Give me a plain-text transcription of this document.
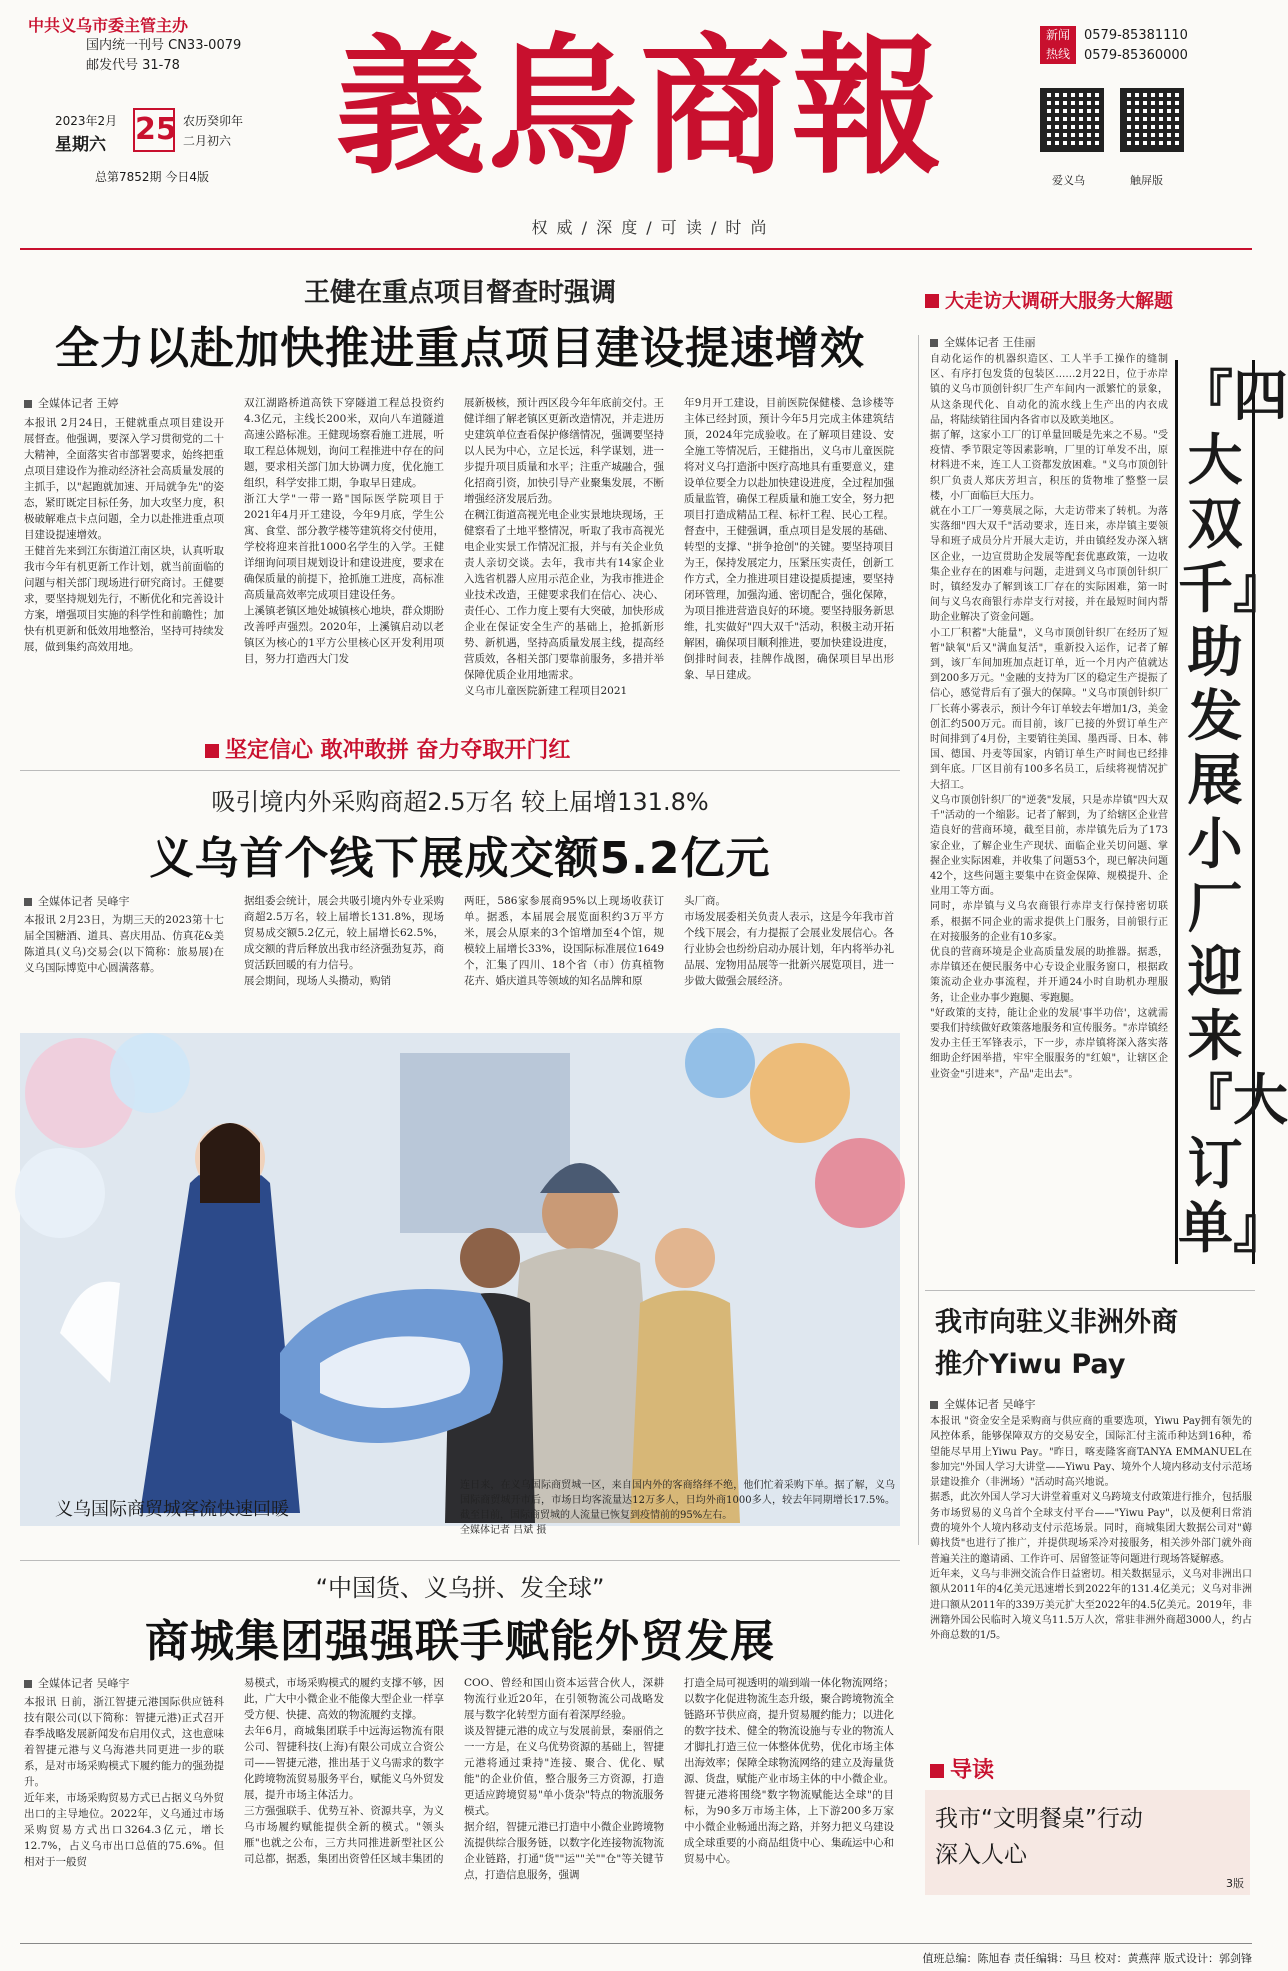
中共义乌市委主管主办
国内统一刊号 CN33-0079
邮发代号 31-78
2023年2月
星期六 25 农历癸卯年
二月初六
总第7852期 今日4版 義烏商報
权 威 / 深 度 / 可 读 / 时 尚
新闻
热线
0579-85381110
0579-85360000
爱义乌	触屏版
王健在重点项目督查时强调
全力以赴加快推进重点项目建设提速增效
全媒体记者 王婷
本报讯 2月24日，王健就重点项目建设开展督查。他强调，要深入学习贯彻党的二十大精神，全面落实省市部署要求，始终把重点项目建设作为推动经济社会高质量发展的主抓手，以"起跑就加速、开局就争先"的姿态，紧盯既定目标任务，加大攻坚力度，积极破解难点卡点问题，全力以赴推进重点项目建设提速增效。
王健首先来到江东街道江南区块，认真听取我市今年有机更新工作计划，就当前面临的问题与相关部门现场进行研究商讨。王健要求，要坚持规划先行，不断优化和完善设计方案，增强项目实施的科学性和前瞻性；加快有机更新和低效用地整治，坚持可持续发展，做到集约高效用地。
双江湖路桥道高铁下穿隧道工程总投资约4.3亿元，主线长200米，双向八车道隧道高速公路标准。王健现场察看施工进展，听取工程总体规划，询问工程推进中存在的问题，要求相关部门加大协调力度，优化施工组织，科学安排工期，争取早日建成。
浙江大学"一带一路"国际医学院项目于2021年4月开工建设，今年9月底，学生公寓、食堂、部分教学楼等建筑将交付使用，学校将迎来首批1000名学生的入学。王健详细询问项目规划设计和建设进度，要求在确保质量的前提下，抢抓施工进度，高标准高质量高效率完成项目建设任务。
上溪镇老镇区地处城镇核心地块，群众期盼改善呼声强烈。2020年，上溪镇启动以老镇区为核心的1平方公里核心区开发利用项目，努力打造西大门发
展新极核，预计西区段今年年底前交付。王健详细了解老镇区更新改造情况，并走进历史建筑单位查看保护修缮情况，强调要坚持以人民为中心，立足长远，科学谋划，进一步提升项目质量和水平；注重产城融合，强化招商引资，加快引导产业聚集发展，不断增强经济发展后劲。
在稠江街道高视光电企业实景地块现场，王健察看了土地平整情况，听取了我市高视光电企业实景工作情况汇报，并与有关企业负责人亲切交谈。去年，我市共有14家企业入选省机器人应用示范企业，为我市推进企业技术改造，王健要求我们在信心、决心、责任心、工作力度上要有大突破，加快形成企业在保证安全生产的基础上，抢抓新形势、新机遇，坚持高质量发展主线，提高经营质效，各相关部门要靠前服务，多措并举保障优质企业用地需求。
义乌市儿童医院新建工程项目2021
年9月开工建设，目前医院保健楼、急诊楼等主体已经封顶，预计今年5月完成主体建筑结顶，2024年完成验收。在了解项目建设、安全施工等情况后，王健指出，义乌市儿童医院将对义乌打造浙中医疗高地具有重要意义，建设单位要全力以赴加快建设进度，全过程加强质量监管，确保工程质量和施工安全，努力把项目打造成精品工程、标杆工程、民心工程。
督查中，王健强调，重点项目是发展的基础、转型的支撑、"拼争抢创"的关键。要坚持项目为王，保持发展定力，压紧压实责任，创新工作方式，全力推进项目建设提质提速，要坚持闭环管理，加强沟通、密切配合，强化保障，为项目推进营造良好的环境。要坚持服务新思维，扎实做好"四大双千"活动，积极主动开拓解困，确保项目顺利推进，要加快建设进度，倒排时间表，挂牌作战图，确保项目早出形象、早日建成。
坚定信心 敢冲敢拼 奋力夺取开门红
吸引境内外采购商超2.5万名 较上届增131.8%
义乌首个线下展成交额5.2亿元
全媒体记者 吴峰宇
本报讯 2月23日，为期三天的2023第十七届全国糖酒、道具、喜庆用品、仿真花&美陈道具(义乌)交易会(以下简称：旅易展)在义乌国际博览中心圆满落幕。
据组委会统计，展会共吸引境内外专业采购商超2.5万名，较上届增长131.8%，现场贸易成交额5.2亿元，较上届增长62.5%，成交额的背后释放出我市经济强劲复苏，商贸活跃回暖的有力信号。
展会期间，现场人头攒动，购销
两旺，586家参展商95%以上现场收获订单。据悉，本届展会展览面积约3万平方米，展会从原来的3个馆增加至4个馆，规模较上届增长33%，设国际标准展位1649个，汇集了四川、18个省（市）仿真植物花卉、婚庆道具等领域的知名品牌和原
头厂商。
市场发展委相关负责人表示，这是今年我市首个线下展会，有力提振了会展业发展信心。各行业协会也纷纷启动办展计划，年内将举办礼品展、宠物用品展等一批新兴展览项目，进一步做大做强会展经济。
义乌国际商贸城客流快速回暖
连日来，在义乌国际商贸城一区，来自国内外的客商络绎不绝，他们忙着采购下单。据了解，义乌国际商贸城开市后，市场日均客流量达12万多人，日均外商1000多人，较去年同期增长17.5%。截至目前，国际商贸城的人流量已恢复到疫情前的95%左右。
全媒体记者 吕斌 摄
“中国货、义乌拼、发全球”
商城集团强强联手赋能外贸发展
全媒体记者 吴峰宇
本报讯 日前，浙江智捷元港国际供应链科技有限公司(以下简称：智捷元港)正式召开春季战略发展新闻发布启用仪式，这也意味着智捷元港与义乌海港共同更进一步的联系，是对市场采购模式下履约能力的强劲提升。
近年来，市场采购贸易方式已占据义乌外贸出口的主导地位。2022年，义乌通过市场采购贸易方式出口3264.3亿元，增长12.7%，占义乌市出口总值的75.6%。但相对于一般贸
易模式，市场采购模式的履约支撑不够，因此，广大中小微企业不能像大型企业一样享受方便、快捷、高效的物流履约支撑。
去年6月，商城集团联手中远海运物流有限公司、智捷科技(上海)有限公司成立合资公司——智捷元港，推出基于义乌需求的数字化跨境物流贸易服务平台，赋能义乌外贸发展，提升市场主体活力。
三方强强联手、优势互补、资源共享，为义乌市场履约赋能提供全新的模式。"领头雁"也就之公布，三方共同推进新型社区公司总都，据悉，集团出资曾任区域丰集团的
COO、曾经和国山资本运营合伙人，深耕物流行业近20年，在引领物流公司战略发展与数字化转型方面有着深厚经验。
谈及智捷元港的成立与发展前景，秦丽俏之一一方是，在义乌优势资源的基础上，智捷元港将通过秉持"连接、聚合、优化、赋能"的企业价值，整合服务三方资源，打造更适应跨境贸易"单小货杂"特点的物流服务模式。
据介绍，智捷元港已打造中小微企业跨境物流提供综合服务链，以数字化连接物流物流企业链路，打通"货""运""关""仓"等关键节点，打造信息服务，强调
打造全局可视透明的端到端一体化物流网络；以数字化促进物流生态升级，聚合跨境物流全链路环节供应商，提升贸易履约能力；以进化的数字技术、健全的物流设施与专业的物流人才脚扎打造三位一体整体优势，优化市场主体出海效率；保障全球物流网络的建立及海量货源、货盘，赋能产业市场主体的中小微企业。
智捷元港将围绕"数字物流赋能达全球"的目标，为90多万市场主体，上下游200多万家中小微企业畅通出海之路，并努力把义乌建设成全球重要的小商品组货中心、集疏运中心和贸易中心。
大走访大调研大服务大解题
全媒体记者 王佳丽
『四大双千』助发展 小厂迎来『大订单』
自动化运作的机器织造区、工人半手工操作的缝制区、有序打包发货的包装区……2月22日，位于赤岸镇的义乌市顶创针织厂生产车间内一派繁忙的景象，从这条现代化、自动化的流水线上生产出的内衣成品，将陆续销往国内各省市以及欧美地区。
据了解，这家小工厂的订单量回暖是先来之不易。"受疫情、季节限定等因素影响，厂里的订单发不出，原材料进不来，连工人工资都发放困难。"义乌市顶创针织厂负责人郑庆芳坦言，积压的货物堆了整整一层楼，小厂面临巨大压力。
就在小工厂一筹莫展之际，大走访带来了转机。为落实落细"四大双千"活动要求，连日来，赤岸镇主要领导和班子成员分片开展大走访，并由镇经发办深入辖区企业，一边宣贯助企发展等配套优惠政策，一边收集企业存在的困难与问题，走进到义乌市顶创针织厂时，镇经发办了解到该工厂存在的实际困难，第一时间与义乌农商银行赤岸支行对接，并在最短时间内帮助企业解决了资金问题。
小工厂积蓄"大能量"，义乌市顶创针织厂在经历了短暂"缺氧"后又"满血复活"，重新投入运作，记者了解到，该厂车间加班加点赶订单，近一个月内产值就达到200多万元。"金融的支持为厂区的稳定生产提振了信心，感觉背后有了强大的保障。"义乌市顶创针织厂厂长蒋小雾表示，预计今年订单较去年增加1/3，美金创汇约500万元。而目前，该厂已接的外贸订单生产时间排到了4月份，主要销往美国、墨西哥、日本、韩国、德国、丹麦等国家，内销订单生产时间也已经排到年底。厂区目前有100多名员工，后续将视情况扩大招工。
义乌市顶创针织厂的"逆袭"发展，只是赤岸镇"四大双千"活动的一个缩影。记者了解到，为了给辖区企业营造良好的营商环境，截至目前，赤岸镇先后为了173家企业，了解企业生产现状、面临企业关切问题、掌握企业实际困难，并收集了问题53个，现已解决问题42个，这些问题主要集中在资金保障、规模提升、企业用工等方面。
同时，赤岸镇与义乌农商银行赤岸支行保持密切联系，根据不同企业的需求提供上门服务，目前银行正在对接服务的企业有10多家。
优良的营商环境是企业高质量发展的助推器。据悉，赤岸镇还在便民服务中心专设企业服务窗口，根据政策流动企业办事流程，并开通24小时自助机办理服务，让企业办事少跑腿、零跑腿。
"好政策的支持，能让企业的发展'事半功倍'，这就需要我们持续做好政策落地服务和宣传服务。"赤岸镇经发办主任王军锋表示，下一步，赤岸镇将深入落实落细助企纾困举措，牢牢全服服务的"红娘"，让辖区企业资金"引进来"，产品"走出去"。
我市向驻义非洲外商
推介Yiwu Pay
全媒体记者 吴峰宇
本报讯 "资金安全是采购商与供应商的重要选项，Yiwu Pay拥有领先的风控体系，能够保障双方的交易安全，国际汇付主流币种达到16种，希望能尽早用上Yiwu Pay。"昨日，喀麦隆客商TANYA EMMANUEL在参加完"外国人学习大讲堂——Yiwu Pay、境外个人境内移动支付示范场景建设推介（非洲场）"活动时高兴地说。
据悉，此次外国人学习大讲堂着重对义乌跨境支付政策进行推介，包括服务市场贸易的义乌首个全球支付平台——"Yiwu Pay"，以及便利日常消费的境外个人境内移动支付示范场景。同时，商城集团大数据公司对"薅薅找货"也进行了推广，并提供现场采冷对接服务，相关涉外部门就外商普遍关注的邀请函、工作许可、居留签证等问题进行现场答疑解惑。
近年来，义乌与非洲交流合作日益密切。相关数据显示，义乌对非洲出口额从2011年的4亿美元迅速增长到2022年的131.4亿美元；义乌对非洲进口额从2011年的339万美元扩大至2022年的4.5亿美元。2019年，非洲籍外国公民临时入境义乌11.5万人次，常驻非洲外商超3000人，约占外商总数的1/5。
导读
我市“文明餐桌”行动
深入人心
3版
值班总编：陈旭春 责任编辑：马旦 校对：黄燕萍 版式设计：郭剑锋
